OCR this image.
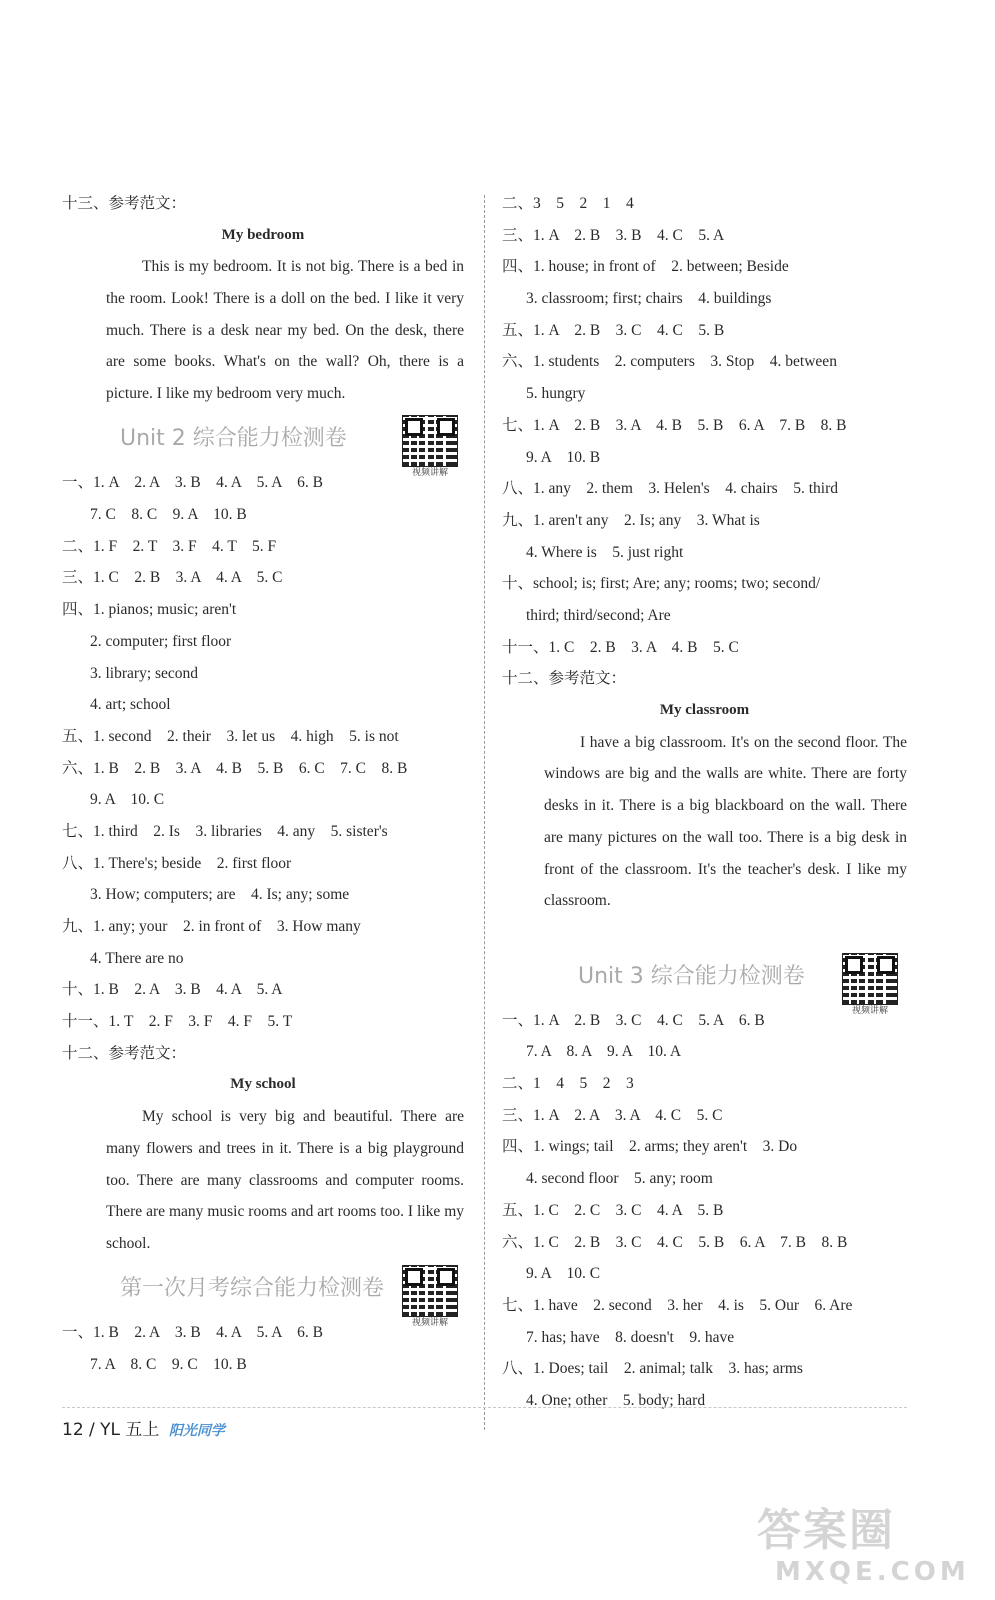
十三、参考范文：
My bedroom
This is my bedroom. It is not big. There is a bed in the room. Look! There is a doll on the bed. I like it very much. There is a desk near my bed. On the desk, there are some books. What's on the wall? Oh, there is a picture. I like my bedroom very much.
Unit 2 综合能力检测卷
视频讲解
一、1. A　2. A　3. B　4. A　5. A　6. B
7. C　8. C　9. A　10. B
二、1. F　2. T　3. F　4. T　5. F
三、1. C　2. B　3. A　4. A　5. C
四、1. pianos; music; aren't
2. computer; first floor
3. library; second
4. art; school
五、1. second　2. their　3. let us　4. high　5. is not
六、1. B　2. B　3. A　4. B　5. B　6. C　7. C　8. B
9. A　10. C
七、1. third　2. Is　3. libraries　4. any　5. sister's
八、1. There's; beside　2. first floor
3. How; computers; are　4. Is; any; some
九、1. any; your　2. in front of　3. How many
4. There are no
十、1. B　2. A　3. B　4. A　5. A
十一、1. T　2. F　3. F　4. F　5. T
十二、参考范文：
My school
My school is very big and beautiful. There are many flowers and trees in it. There is a big playground too. There are many classrooms and computer rooms. There are many music rooms and art rooms too. I like my school.
第一次月考综合能力检测卷
视频讲解
一、1. B　2. A　3. B　4. A　5. A　6. B
7. A　8. C　9. C　10. B
二、3　5　2　1　4
三、1. A　2. B　3. B　4. C　5. A
四、1. house; in front of　2. between; Beside
3. classroom; first; chairs　4. buildings
五、1. A　2. B　3. C　4. C　5. B
六、1. students　2. computers　3. Stop　4. between
5. hungry
七、1. A　2. B　3. A　4. B　5. B　6. A　7. B　8. B
9. A　10. B
八、1. any　2. them　3. Helen's　4. chairs　5. third
九、1. aren't any　2. Is; any　3. What is
4. Where is　5. just right
十、school; is; first; Are; any; rooms; two; second/
third; third/second; Are
十一、1. C　2. B　3. A　4. B　5. C
十二、参考范文：
My classroom
I have a big classroom. It's on the second floor. The windows are big and the walls are white. There are forty desks in it. There is a big blackboard on the wall. There are many pictures on the wall too. There is a big desk in front of the classroom. It's the teacher's desk. I like my classroom.
Unit 3 综合能力检测卷
视频讲解
一、1. A　2. B　3. C　4. C　5. A　6. B
7. A　8. A　9. A　10. A
二、1　4　5　2　3
三、1. A　2. A　3. A　4. C　5. C
四、1. wings; tail　2. arms; they aren't　3. Do
4. second floor　5. any; room
五、1. C　2. C　3. C　4. A　5. B
六、1. C　2. B　3. C　4. C　5. B　6. A　7. B　8. B
9. A　10. C
七、1. have　2. second　3. her　4. is　5. Our　6. Are
7. has; have　8. doesn't　9. have
八、1. Does; tail　2. animal; talk　3. has; arms
4. One; other　5. body; hard
12 / YL 五上 阳光同学
答案圈
MXQE.COM
